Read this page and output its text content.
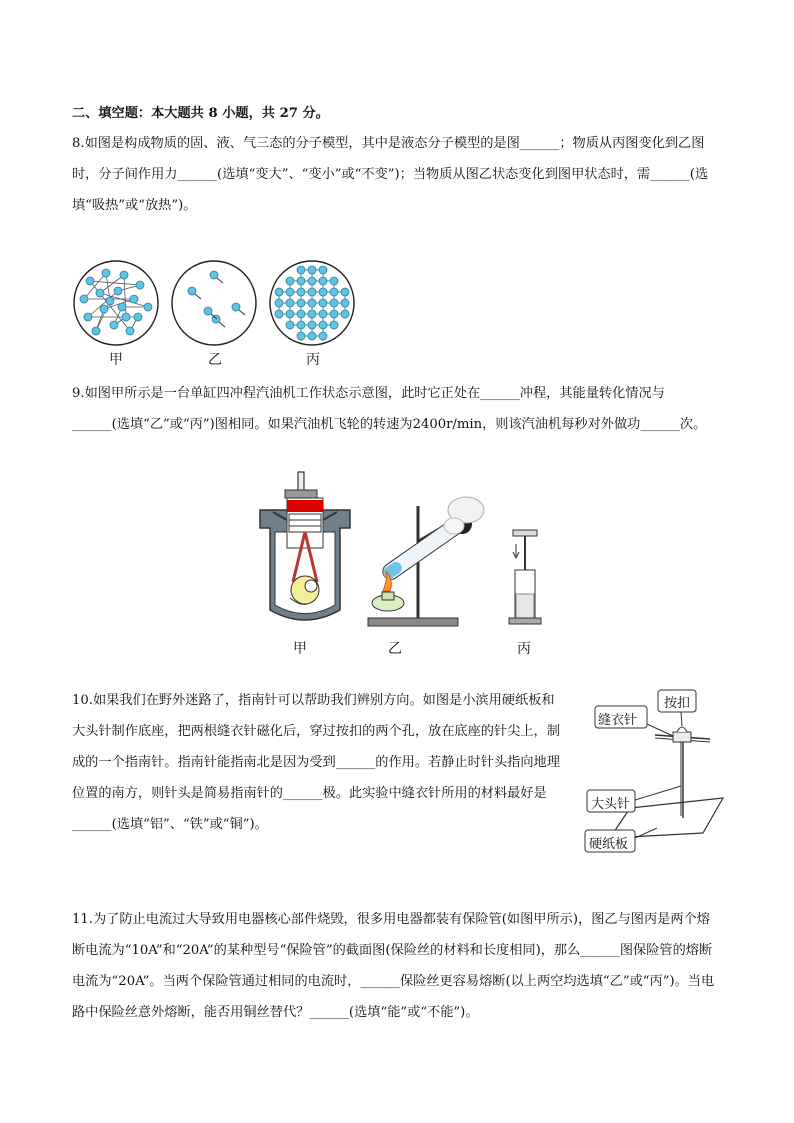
二、填空题：本大题共 8 小题，共 27 分。

8.如图是构成物质的固、液、气三态的分子模型，其中是液态分子模型的是图______；物质从丙图变化到乙图时，分子间作用力______(选填“变大”、“变小”或“不变”)；当物质从图乙状态变化到图甲状态时，需______(选填“吸热”或“放热”)。

甲	乙	丙

9.如图甲所示是一台单缸四冲程汽油机工作状态示意图，此时它正处在______冲程，其能量转化情况与______(选填“乙”或“丙”)图相同。如果汽油机飞轮的转速为2400r/min，则该汽油机每秒对外做功______次。

甲	乙	丙

10.如果我们在野外迷路了，指南针可以帮助我们辨别方向。如图是小滨用硬纸板和大头针制作底座，把两根缝衣针磁化后，穿过按扣的两个孔，放在底座的针尖上，制成的一个指南针。指南针能指南北是因为受到______的作用。若静止时针头指向地理位置的南方，则针头是简易指南针的______极。此实验中缝衣针所用的材料最好是______(选填“铝”、“铁”或“铜”)。

按扣
缝衣针
大头针
硬纸板

11.为了防止电流过大导致用电器核心部件烧毁，很多用电器都装有保险管(如图甲所示)，图乙与图丙是两个熔断电流为“10A”和“20A”的某种型号“保险管”的截面图(保险丝的材料和长度相同)，那么______图保险管的熔断电流为“20A”。当两个保险管通过相同的电流时，______保险丝更容易熔断(以上两空均选填“乙”或“丙”)。当电路中保险丝意外熔断，能否用铜丝替代？______(选填“能”或“不能”)。
